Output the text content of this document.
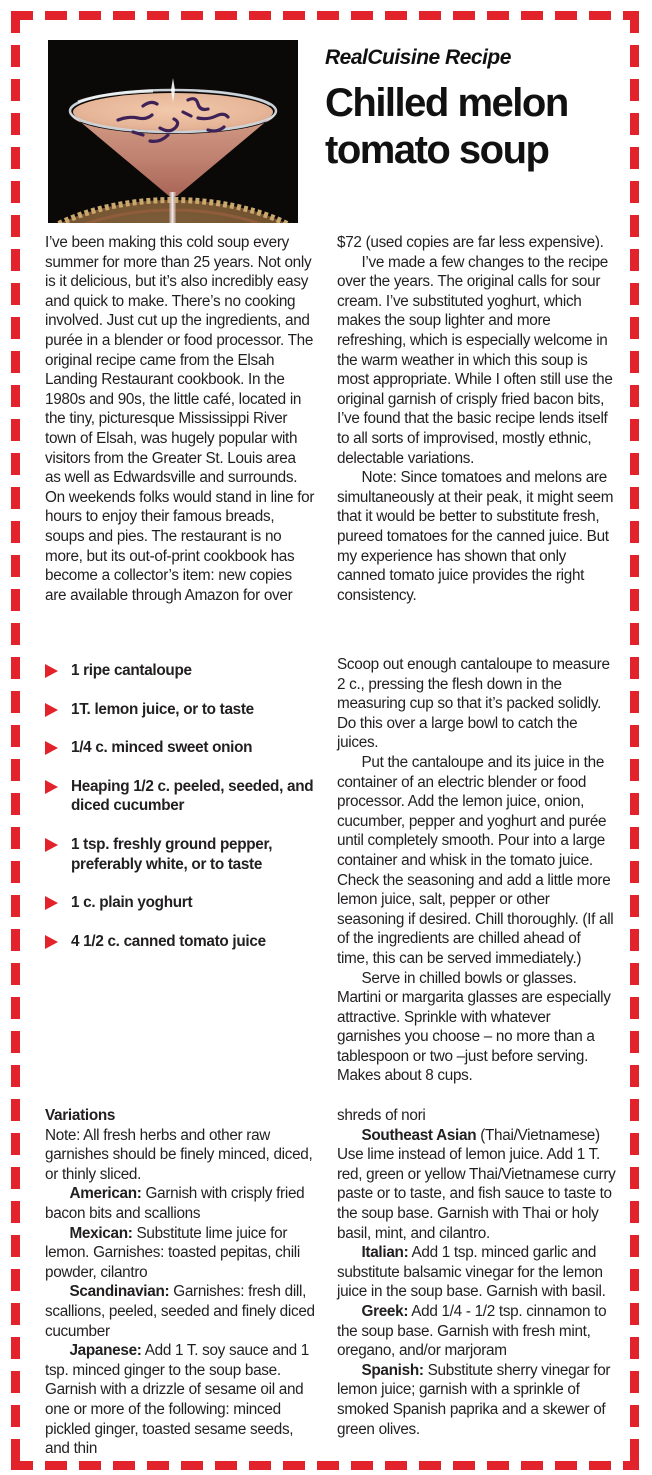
RealCuisine Recipe

Chilled melon

tomato soup

I’ve been making this cold soup every summer for more than 25 years. Not only is it delicious, but it’s also incredibly easy and quick to make. There’s no cooking involved. Just cut up the ingredients, and purée in a blender or food processor. The original recipe came from the Elsah Landing Restaurant cookbook. In the 1980s and 90s, the little café, located in the tiny, picturesque Mississippi River town of Elsah, was hugely popular with visitors from the Greater St. Louis area as well as Edwardsville and surrounds. On weekends folks would stand in line for hours to enjoy their famous breads, soups and pies. The restaurant is no more, but its out-of-print cookbook has become a collector’s item: new copies are available through Amazon for over

$72 (used copies are far less expensive).

I’ve made a few changes to the recipe over the years. The original calls for sour cream. I’ve substituted yoghurt, which makes the soup lighter and more refreshing, which is especially welcome in the warm weather in which this soup is most appropriate. While I often still use the original garnish of crisply fried bacon bits, I’ve found that the basic recipe lends itself to all sorts of improvised, mostly ethnic, delectable variations.

Note: Since tomatoes and melons are simultaneously at their peak, it might seem that it would be better to substitute fresh, pureed tomatoes for the canned juice. But my experience has shown that only canned tomato juice provides the right consistency.

1 ripe cantaloupe
1T. lemon juice, or to taste
1/4 c. minced sweet onion
Heaping 1/2 c. peeled, seeded, and diced cucumber
1 tsp. freshly ground pepper, preferably white, or to taste
1 c. plain yoghurt
4 1/2 c. canned tomato juice

Scoop out enough cantaloupe to measure 2 c., pressing the flesh down in the measuring cup so that it’s packed solidly. Do this over a large bowl to catch the juices.

Put the cantaloupe and its juice in the container of an electric blender or food processor. Add the lemon juice, onion, cucumber, pepper and yoghurt and purée until completely smooth. Pour into a large container and whisk in the tomato juice. Check the seasoning and add a little more lemon juice, salt, pepper or other seasoning if desired. Chill thoroughly. (If all of the ingredients are chilled ahead of time, this can be served immediately.)

Serve in chilled bowls or glasses. Martini or margarita glasses are especially attractive. Sprinkle with whatever garnishes you choose – no more than a tablespoon or two –just before serving. Makes about 8 cups.

Variations

Note: All fresh herbs and other raw garnishes should be finely minced, diced, or thinly sliced.

American: Garnish with crisply fried bacon bits and scallions

Mexican: Substitute lime juice for lemon. Garnishes: toasted pepitas, chili powder, cilantro

Scandinavian: Garnishes: fresh dill, scallions, peeled, seeded and finely diced cucumber

Japanese: Add 1 T. soy sauce and 1 tsp. minced ginger to the soup base. Garnish with a drizzle of sesame oil and one or more of the following: minced pickled ginger, toasted sesame seeds, and thin

shreds of nori

Southeast Asian (Thai/Vietnamese) Use lime instead of lemon juice. Add 1 T. red, green or yellow Thai/Vietnamese curry paste or to taste, and fish sauce to taste to the soup base. Garnish with Thai or holy basil, mint, and cilantro.

Italian: Add 1 tsp. minced garlic and substitute balsamic vinegar for the lemon juice in the soup base. Garnish with basil.

Greek: Add 1/4 - 1/2 tsp. cinnamon to the soup base. Garnish with fresh mint, oregano, and/or marjoram

Spanish: Substitute sherry vinegar for lemon juice; garnish with a sprinkle of smoked Spanish paprika and a skewer of green olives.
